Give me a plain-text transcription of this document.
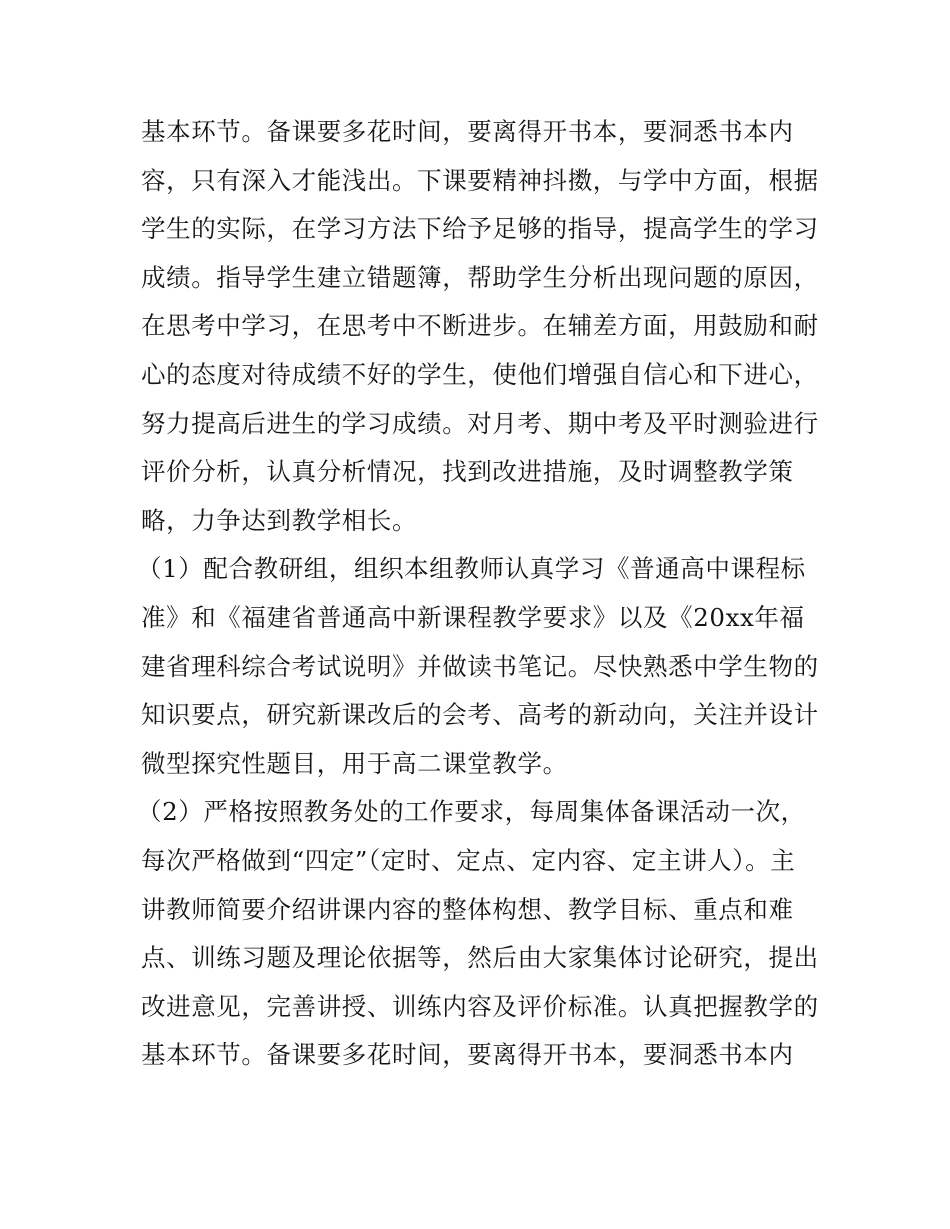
基本环节。备课要多花时间，要离得开书本，要洞悉书本内
容，只有深入才能浅出。下课要精神抖擞，与学中方面，根据
学生的实际，在学习方法下给予足够的指导，提高学生的学习
成绩。指导学生建立错题簿，帮助学生分析出现问题的原因，
在思考中学习，在思考中不断进步。在辅差方面，用鼓励和耐
心的态度对待成绩不好的学生，使他们增强自信心和下进心，
努力提高后进生的学习成绩。对月考、期中考及平时测验进行
评价分析，认真分析情况，找到改进措施，及时调整教学策
略，力争达到教学相长。
（1）配合教研组，组织本组教师认真学习《普通高中课程标
准》和《福建省普通高中新课程教学要求》以及《20xx年福
建省理科综合考试说明》并做读书笔记。尽快熟悉中学生物的
知识要点，研究新课改后的会考、高考的新动向，关注并设计
微型探究性题目，用于高二课堂教学。
（2）严格按照教务处的工作要求，每周集体备课活动一次，
每次严格做到“四定”（定时、定点、定内容、定主讲人）。主
讲教师简要介绍讲课内容的整体构想、教学目标、重点和难
点、训练习题及理论依据等，然后由大家集体讨论研究，提出
改进意见，完善讲授、训练内容及评价标准。认真把握教学的
基本环节。备课要多花时间，要离得开书本，要洞悉书本内
